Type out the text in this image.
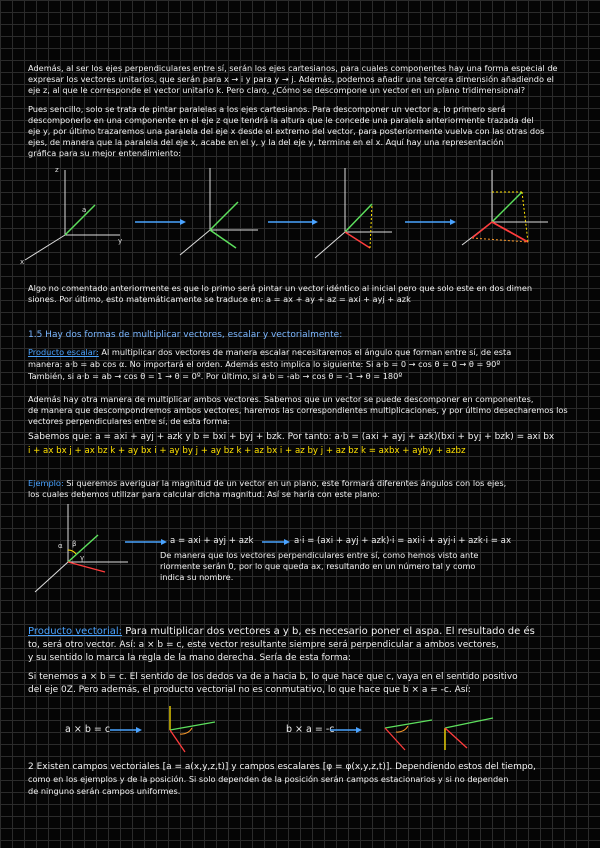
Además, al ser los ejes perpendiculares entre sí, serán los ejes cartesianos, para cuales componentes hay una forma especial de
expresar los vectores unitarios, que serán para x → i y para y → j. Además, podemos añadir una tercera dimensión añadiendo el
eje z, al que le corresponde el vector unitario k. Pero claro, ¿Cómo se descompone un vector en un plano tridimensional?
Pues sencillo, solo se trata de pintar paralelas a los ejes cartesianos. Para descomponer un vector a, lo primero será
descomponerlo en una componente en el eje z que tendrá la altura que le concede una paralela anteriormente trazada del
eje y, por último trazaremos una paralela del eje x desde el extremo del vector, para posteriormente vuelva con las otras dos
ejes, de manera que la paralela del eje x, acabe en el y, y la del eje y, termine en el x. Aquí hay una representación
gráfica para su mejor entendimiento:
z
x
y
a
Algo no comentado anteriormente es que lo primo será pintar un vector idéntico al inicial pero que solo este en dos dimen
siones. Por último, esto matemáticamente se traduce en: a = ax + ay + az = axi + ayj + azk
1.5 Hay dos formas de multiplicar vectores, escalar y vectorialmente:
Producto escalar: Al multiplicar dos vectores de manera escalar necesitaremos el ángulo que forman entre sí, de esta
manera: a·b = ab cos α. No importará el orden. Además esto implica lo siguiente: Si a·b = 0 → cos θ = 0 → θ = 90º
También, si a·b = ab → cos θ = 1 → θ = 0º. Por último, si a·b = -ab → cos θ = -1 → θ = 180º
Además hay otra manera de multiplicar ambos vectores. Sabemos que un vector se puede descomponer en componentes,
de manera que descompondremos ambos vectores, haremos las correspondientes multiplicaciones, y por último desecharemos los
vectores perpendiculares entre sí, de esta forma:
Sabemos que: a = axi + ayj + azk y b = bxi + byj + bzk. Por tanto: a·b = (axi + ayj + azk)(bxi + byj + bzk) = axi bx
i + ax bx j + ax bz k + ay bx i + ay by j + ay bz k + az bx i + az by j + az bz k = axbx + ayby + azbz
Ejemplo: Si queremos averiguar la magnitud de un vector en un plano, este formará diferentes ángulos con los ejes,
los cuales debemos utilizar para calcular dicha magnitud. Así se haría con este plano:
α β
γ
a = axi + ayj + azk	a·i = (axi + ayj + azk)·i = axi·i + ayj·i + azk·i = ax
De manera que los vectores perpendiculares entre sí, como hemos visto ante
riormente serán 0, por lo que queda ax, resultando en un número tal y como
indica su nombre.
Producto vectorial: Para multiplicar dos vectores a y b, es necesario poner el aspa. El resultado de és
to, será otro vector. Así: a × b = c, este vector resultante siempre será perpendicular a ambos vectores,
y su sentido lo marca la regla de la mano derecha. Sería de esta forma:
Si tenemos a × b = c. El sentido de los dedos va de a hacia b, lo que hace que c, vaya en el sentido positivo
del eje 0Z. Pero además, el producto vectorial no es conmutativo, lo que hace que b × a = -c. Así:
a × b = c	b × a = -c
2 Existen campos vectoriales [a = a(x,y,z,t)] y campos escalares [φ = φ(x,y,z,t)]. Dependiendo estos del tiempo,
como en los ejemplos y de la posición. Si solo dependen de la posición serán campos estacionarios y si no dependen
de ninguno serán campos uniformes.
